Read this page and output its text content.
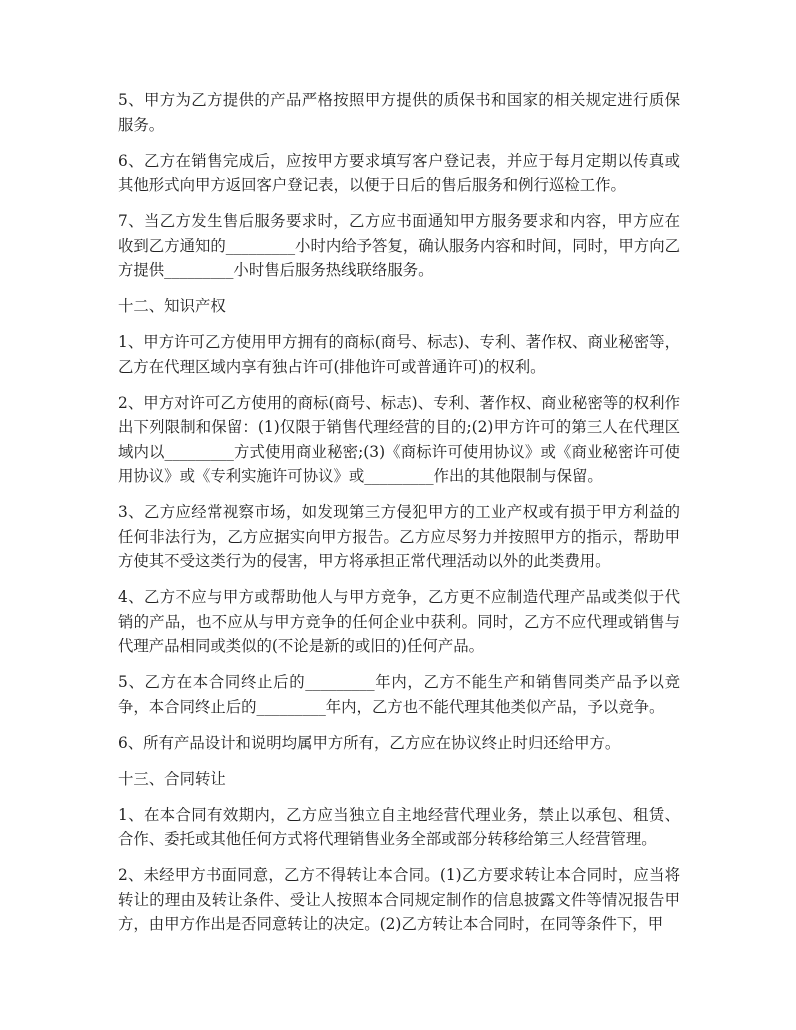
5、甲方为乙方提供的产品严格按照甲方提供的质保书和国家的相关规定进行质保服务。

6、乙方在销售完成后，应按甲方要求填写客户登记表，并应于每月定期以传真或其他形式向甲方返回客户登记表，以便于日后的售后服务和例行巡检工作。

7、当乙方发生售后服务要求时，乙方应书面通知甲方服务要求和内容，甲方应在收到乙方通知的_________小时内给予答复，确认服务内容和时间，同时，甲方向乙方提供_________小时售后服务热线联络服务。

十二、知识产权

1、甲方许可乙方使用甲方拥有的商标(商号、标志)、专利、著作权、商业秘密等，乙方在代理区域内享有独占许可(排他许可或普通许可)的权利。

2、甲方对许可乙方使用的商标(商号、标志)、专利、著作权、商业秘密等的权利作出下列限制和保留：(1)仅限于销售代理经营的目的;(2)甲方许可的第三人在代理区域内以_________方式使用商业秘密;(3)《商标许可使用协议》或《商业秘密许可使用协议》或《专利实施许可协议》或_________作出的其他限制与保留。

3、乙方应经常视察市场，如发现第三方侵犯甲方的工业产权或有损于甲方利益的任何非法行为，乙方应据实向甲方报告。乙方应尽努力并按照甲方的指示，帮助甲方使其不受这类行为的侵害，甲方将承担正常代理活动以外的此类费用。

4、乙方不应与甲方或帮助他人与甲方竞争，乙方更不应制造代理产品或类似于代销的产品，也不应从与甲方竞争的任何企业中获利。同时，乙方不应代理或销售与代理产品相同或类似的(不论是新的或旧的)任何产品。

5、乙方在本合同终止后的_________年内，乙方不能生产和销售同类产品予以竞争，本合同终止后的_________年内，乙方也不能代理其他类似产品，予以竞争。

6、所有产品设计和说明均属甲方所有，乙方应在协议终止时归还给甲方。

十三、合同转让

1、在本合同有效期内，乙方应当独立自主地经营代理业务，禁止以承包、租赁、合作、委托或其他任何方式将代理销售业务全部或部分转移给第三人经营管理。

2、未经甲方书面同意，乙方不得转让本合同。(1)乙方要求转让本合同时，应当将转让的理由及转让条件、受让人按照本合同规定制作的信息披露文件等情况报告甲方，由甲方作出是否同意转让的决定。(2)乙方转让本合同时，在同等条件下，甲
